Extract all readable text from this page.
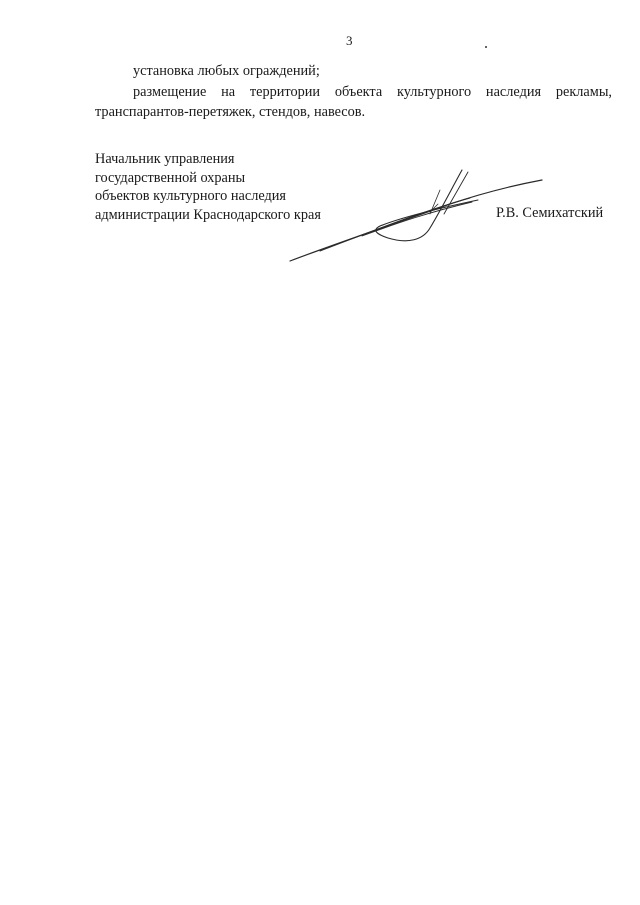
3

установка любых ограждений;

размещение на территории объекта культурного наследия рекламы, транспарантов-перетяжек, стендов, навесов.

Начальник управления
государственной охраны
объектов культурного наследия
администрации Краснодарского края	Р.В. Семихатский
